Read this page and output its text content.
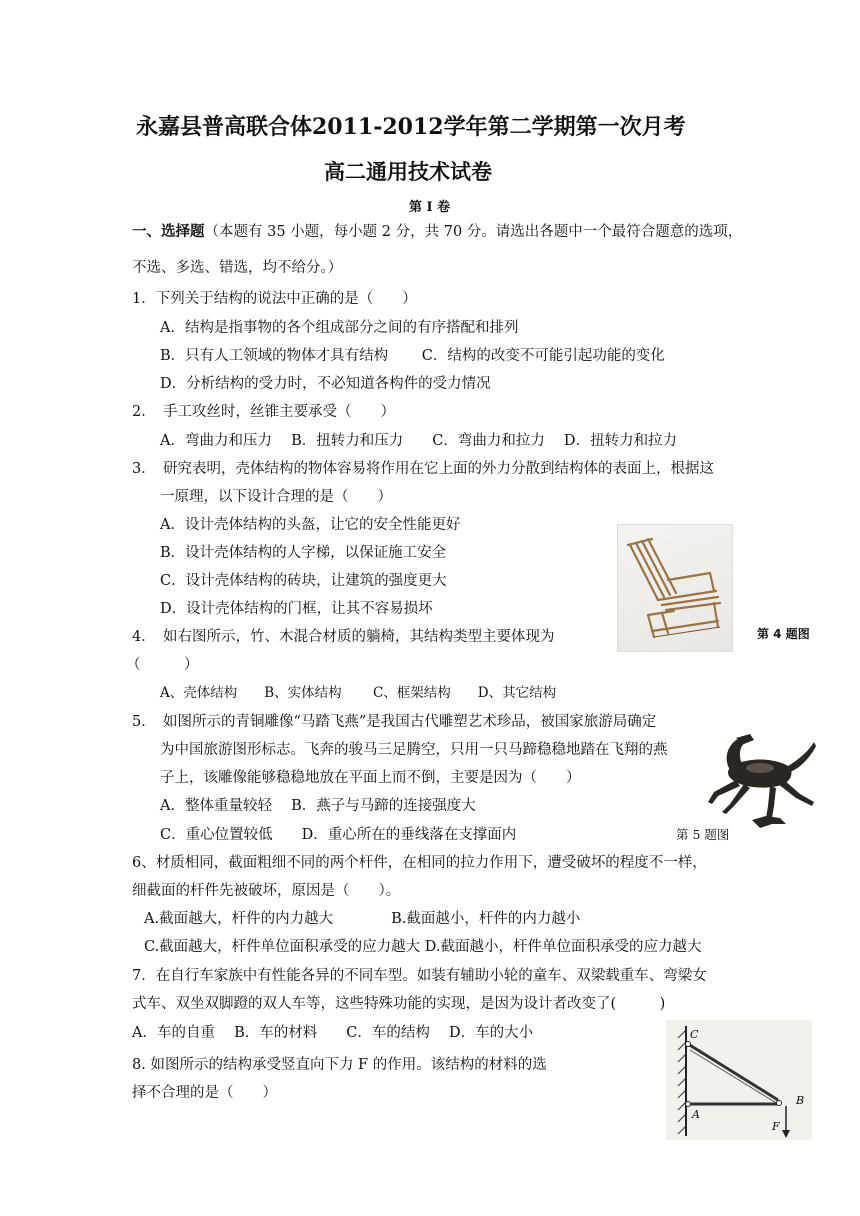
永嘉县普高联合体2011-2012学年第二学期第一次月考
高二通用技术试卷
第 Ⅰ 卷
一、选择题（本题有 35 小题，每小题 2 分，共 70 分。请选出各题中一个最符合题意的选项，
不选、多选、错选，均不给分。）
1．下列关于结构的说法中正确的是（　　）
A．结构是指事物的各个组成部分之间的有序搭配和排列
B．只有人工领域的物体才具有结构　　 C．结构的改变不可能引起功能的变化
D．分析结构的受力时，不必知道各构件的受力情况
2．　手工攻丝时，丝锥主要承受（　　）
A．弯曲力和压力　 B．扭转力和压力　　C．弯曲力和拉力　 D．扭转力和拉力
3．　研究表明，壳体结构的物体容易将作用在它上面的外力分散到结构体的表面上，根据这
一原理，以下设计合理的是（　　）
A．设计壳体结构的头盔，让它的安全性能更好
B．设计壳体结构的人字梯，以保证施工安全
C．设计壳体结构的砖块，让建筑的强度更大
D．设计壳体结构的门框，让其不容易损坏
4．　如右图所示，竹、木混合材质的躺椅，其结构类型主要体现为
（　　　）
A、壳体结构　　B、实体结构　　 C、框架结构　　D、其它结构
第 4 题图
5．　如图所示的青铜雕像“马踏飞燕”是我国古代雕塑艺术珍品，被国家旅游局确定
为中国旅游图形标志。飞奔的骏马三足腾空，只用一只马蹄稳稳地踏在飞翔的燕
子上，该雕像能够稳稳地放在平面上而不倒，主要是因为（　　）
A．整体重量较轻　 B．燕子与马蹄的连接强度大
C．重心位置较低　　D．重心所在的垂线落在支撑面内	第 5 题图
6、材质相同，截面粗细不同的两个杆件，在相同的拉力作用下，遭受破坏的程度不一样，
细截面的杆件先被破坏，原因是（　　）。
A.截面越大，杆件的内力越大　　　　B.截面越小，杆件的内力越小
C.截面越大，杆件单位面积承受的应力越大 D.截面越小，杆件单位面积承受的应力越大
7．在自行车家族中有性能各异的不同车型。如装有辅助小轮的童车、双梁载重车、弯梁女
式车、双坐双脚蹬的双人车等，这些特殊功能的实现，是因为设计者改变了(　　　)
A．车的自重　 B．车的材料　　C．车的结构　 D．车的大小
8. 如图所示的结构承受竖直向下力 F 的作用。该结构的材料的选
择不合理的是（　　）
C
A
B
F
